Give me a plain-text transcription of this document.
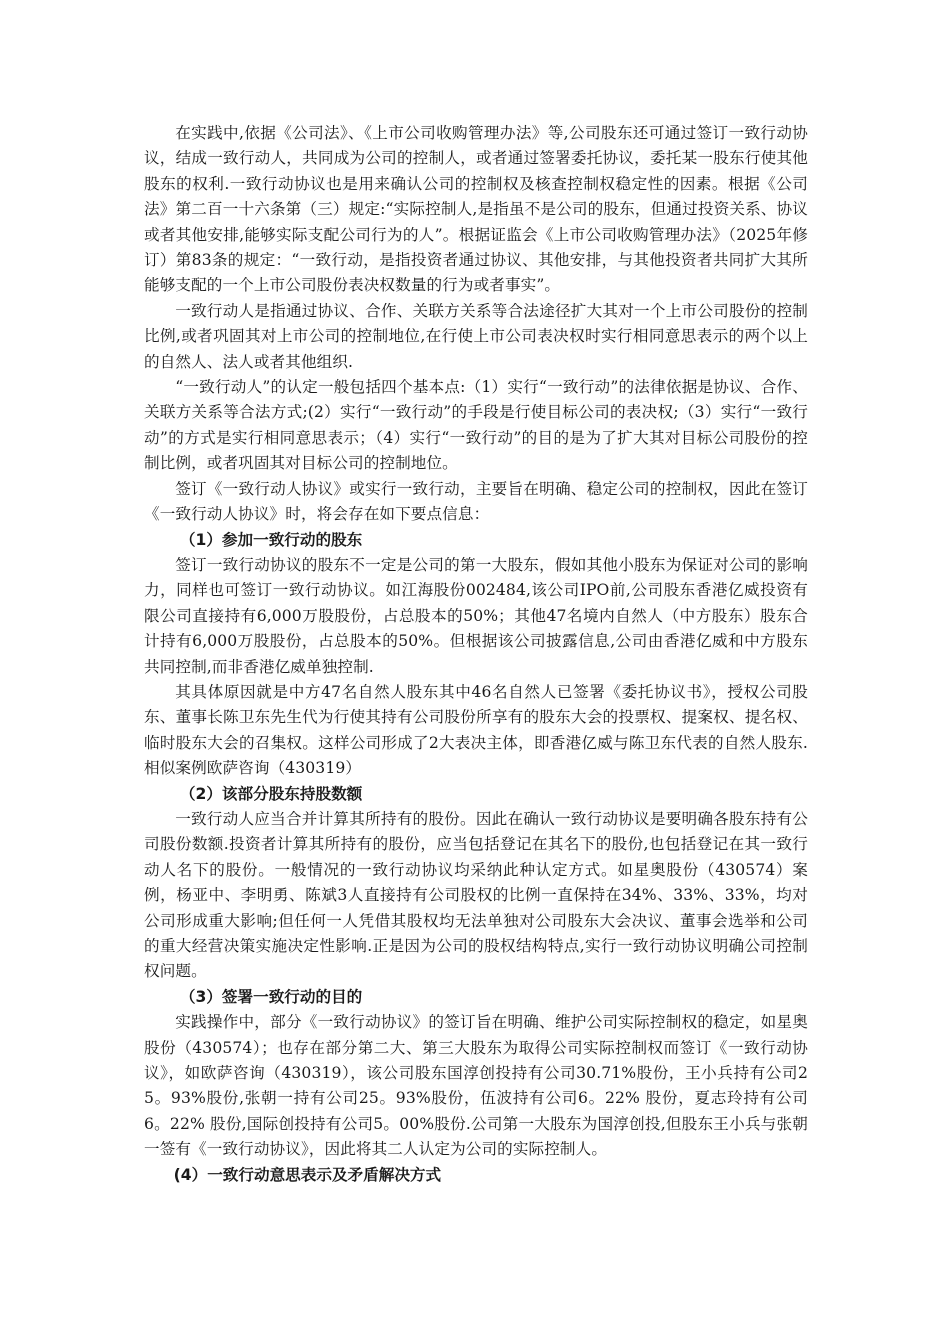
在实践中,依据《公司法》、《上市公司收购管理办法》等,公司股东还可通过签订一致行动协议，结成一致行动人，共同成为公司的控制人，或者通过签署委托协议，委托某一股东行使其他股东的权利.一致行动协议也是用来确认公司的控制权及核查控制权稳定性的因素。根据《公司法》第二百一十六条第（三）规定:“实际控制人,是指虽不是公司的股东，但通过投资关系、协议或者其他安排,能够实际支配公司行为的人”。根据证监会《上市公司收购管理办法》（2025年修订）第83条的规定：“一致行动，是指投资者通过协议、其他安排，与其他投资者共同扩大其所能够支配的一个上市公司股份表决权数量的行为或者事实”。

一致行动人是指通过协议、合作、关联方关系等合法途径扩大其对一个上市公司股份的控制比例,或者巩固其对上市公司的控制地位,在行使上市公司表决权时实行相同意思表示的两个以上的自然人、法人或者其他组织.

“一致行动人”的认定一般包括四个基本点:（1）实行“一致行动”的法律依据是协议、合作、关联方关系等合法方式;(2）实行“一致行动”的手段是行使目标公司的表决权;（3）实行“一致行动”的方式是实行相同意思表示；（4）实行“一致行动”的目的是为了扩大其对目标公司股份的控制比例，或者巩固其对目标公司的控制地位。

签订《一致行动人协议》或实行一致行动，主要旨在明确、稳定公司的控制权，因此在签订《一致行动人协议》时，将会存在如下要点信息：

（1）参加一致行动的股东

签订一致行动协议的股东不一定是公司的第一大股东，假如其他小股东为保证对公司的影响力，同样也可签订一致行动协议。如江海股份002484,该公司IPO前,公司股东香港亿威投资有限公司直接持有6,000万股股份，占总股本的50%；其他47名境内自然人（中方股东）股东合计持有6,000万股股份，占总股本的50%。但根据该公司披露信息,公司由香港亿威和中方股东共同控制,而非香港亿威单独控制.

其具体原因就是中方47名自然人股东其中46名自然人已签署《委托协议书》，授权公司股东、董事长陈卫东先生代为行使其持有公司股份所享有的股东大会的投票权、提案权、提名权、临时股东大会的召集权。这样公司形成了2大表决主体，即香港亿威与陈卫东代表的自然人股东.相似案例欧萨咨询（430319）

（2）该部分股东持股数额

一致行动人应当合并计算其所持有的股份。因此在确认一致行动协议是要明确各股东持有公司股份数额.投资者计算其所持有的股份，应当包括登记在其名下的股份,也包括登记在其一致行动人名下的股份。一般情况的一致行动协议均采纳此种认定方式。如星奥股份（430574）案例，杨亚中、李明勇、陈斌3人直接持有公司股权的比例一直保持在34%、33%、33%，均对公司形成重大影响;但任何一人凭借其股权均无法单独对公司股东大会决议、董事会选举和公司的重大经营决策实施决定性影响.正是因为公司的股权结构特点,实行一致行动协议明确公司控制权问题。

（3）签署一致行动的目的

实践操作中，部分《一致行动协议》的签订旨在明确、维护公司实际控制权的稳定，如星奥股份（430574）；也存在部分第二大、第三大股东为取得公司实际控制权而签订《一致行动协议》，如欧萨咨询（430319），该公司股东国淳创投持有公司30.71%股份，王小兵持有公司25。93%股份,张朝一持有公司25。93%股份，伍波持有公司6。22% 股份，夏志玲持有公司6。22% 股份,国际创投持有公司5。00%股份.公司第一大股东为国淳创投,但股东王小兵与张朝一签有《一致行动协议》，因此将其二人认定为公司的实际控制人。

(4）一致行动意思表示及矛盾解决方式
